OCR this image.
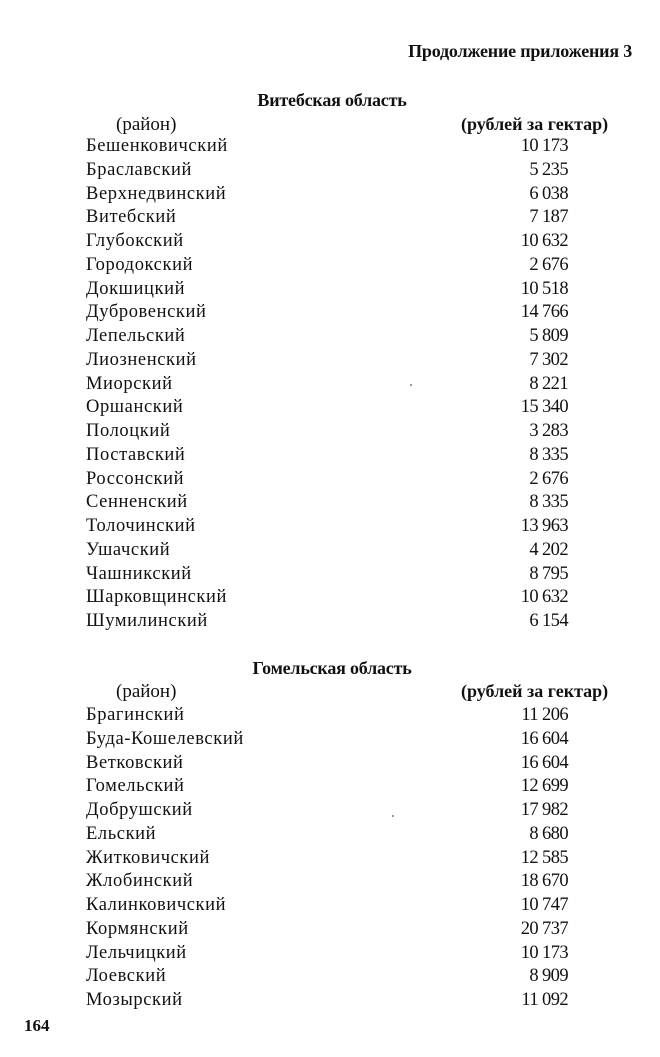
Продолжение приложения 3
Витебская область
(район)	(рублей за гектар)
Бешенковичский	10 173
Браславский	5 235
Верхнедвинский	6 038
Витебский	7 187
Глубокский	10 632
Городокский	2 676
Докшицкий	10 518
Дубровенский	14 766
Лепельский	5 809
Лиозненский	7 302
Миорский	8 221
Оршанский	15 340
Полоцкий	3 283
Поставский	8 335
Россонский	2 676
Сенненский	8 335
Толочинский	13 963
Ушачский	4 202
Чашникский	8 795
Шарковщинский	10 632
Шумилинский	6 154
Гомельская область
(район)	(рублей за гектар)
Брагинский	11 206
Буда-Кошелевский	16 604
Ветковский	16 604
Гомельский	12 699
Добрушский	17 982
Ельский	8 680
Житковичский	12 585
Жлобинский	18 670
Калинковичский	10 747
Кормянский	20 737
Лельчицкий	10 173
Лоевский	8 909
Мозырский	11 092
164
